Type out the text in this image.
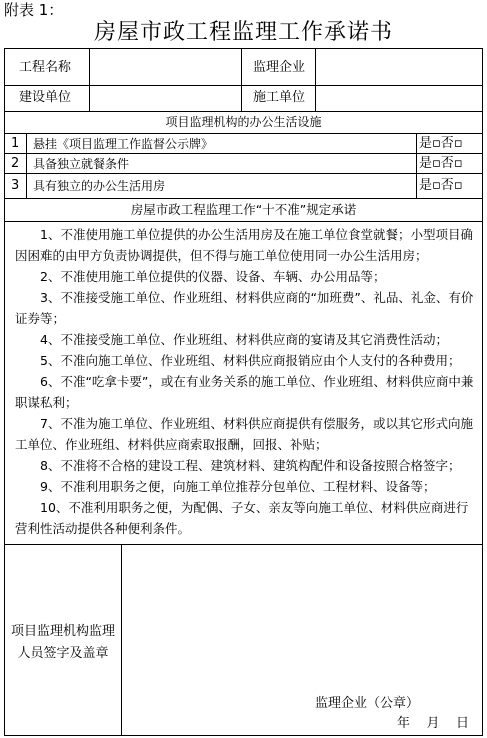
附表 1：
房屋市政工程监理工作承诺书
工程名称	监理企业
建设单位	施工单位
项目监理机构的办公生活设施
1 悬挂《项目监理工作监督公示牌》	是▫否▫
2 具备独立就餐条件	是▫否▫
3 具有独立的办公生活用房	是▫否▫
房屋市政工程监理工作“十不准”规定承诺
1、不准使用施工单位提供的办公生活用房及在施工单位食堂就餐；小型项目确因困难的由甲方负责协调提供，但不得与施工单位使用同一办公生活用房；
2、不准使用施工单位提供的仪器、设备、车辆、办公用品等；
3、不准接受施工单位、作业班组、材料供应商的“加班费”、礼品、礼金、有价证券等；
4、不准接受施工单位、作业班组、材料供应商的宴请及其它消费性活动；
5、不准向施工单位、作业班组、材料供应商报销应由个人支付的各种费用；
6、不准“吃拿卡要”，或在有业务关系的施工单位、作业班组、材料供应商中兼职谋私利；
7、不准为施工单位、作业班组、材料供应商提供有偿服务，或以其它形式向施工单位、作业班组、材料供应商索取报酬，回报、补贴；
8、不准将不合格的建设工程、建筑材料、建筑构配件和设备按照合格签字；
9、不准利用职务之便，向施工单位推荐分包单位、工程材料、设备等；
10、不准利用职务之便，为配偶、子女、亲友等向施工单位、材料供应商进行营利性活动提供各种便利条件。
项目监理机构监理人员签字及盖章
监理企业（公章）
年    月    日
